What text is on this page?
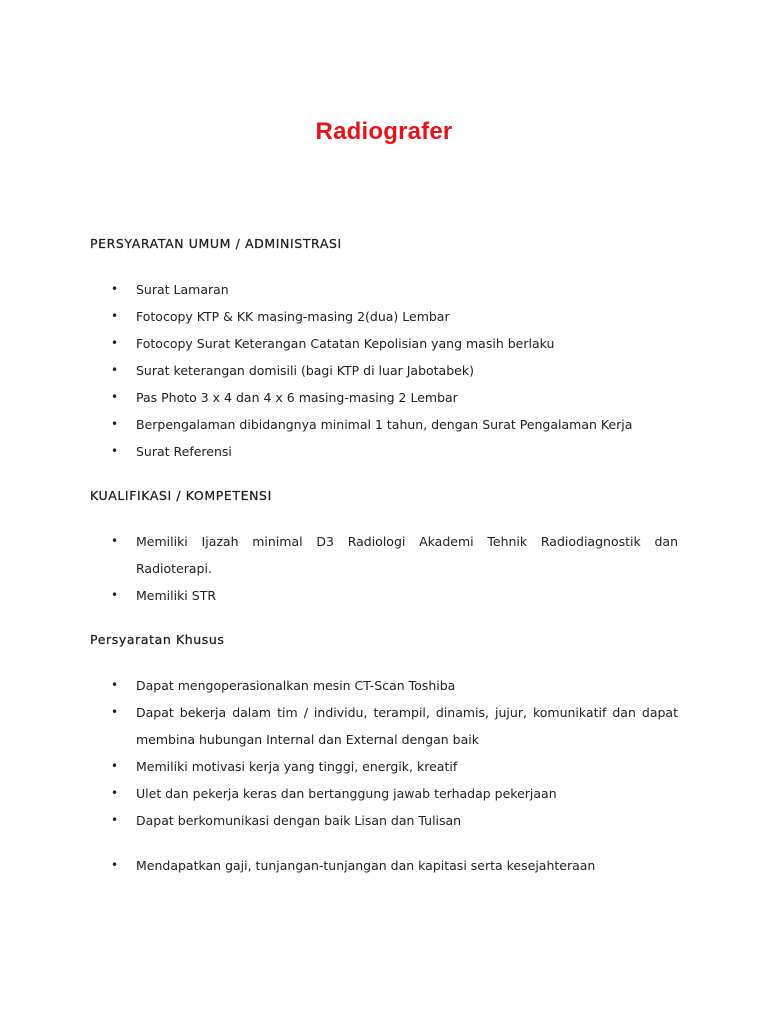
Radiografer
PERSYARATAN UMUM / ADMINISTRASI
• Surat Lamaran
• Fotocopy KTP & KK masing-masing 2(dua) Lembar
• Fotocopy Surat Keterangan Catatan Kepolisian yang masih berlaku
• Surat keterangan domisili (bagi KTP di luar Jabotabek)
• Pas Photo 3 x 4 dan 4 x 6 masing-masing 2 Lembar
• Berpengalaman dibidangnya minimal 1 tahun, dengan Surat Pengalaman Kerja
• Surat Referensi
KUALIFIKASI / KOMPETENSI
• Memiliki Ijazah minimal D3 Radiologi Akademi Tehnik Radiodiagnostik dan
Radioterapi.
• Memiliki STR
Persyaratan Khusus
• Dapat mengoperasionalkan mesin CT-Scan Toshiba
• Dapat bekerja dalam tim / individu, terampil, dinamis, jujur, komunikatif dan dapat
membina hubungan Internal dan External dengan baik
• Memiliki motivasi kerja yang tinggi, energik, kreatif
• Ulet dan pekerja keras dan bertanggung jawab terhadap pekerjaan
• Dapat berkomunikasi dengan baik Lisan dan Tulisan
• Mendapatkan gaji, tunjangan-tunjangan dan kapitasi serta kesejahteraan
